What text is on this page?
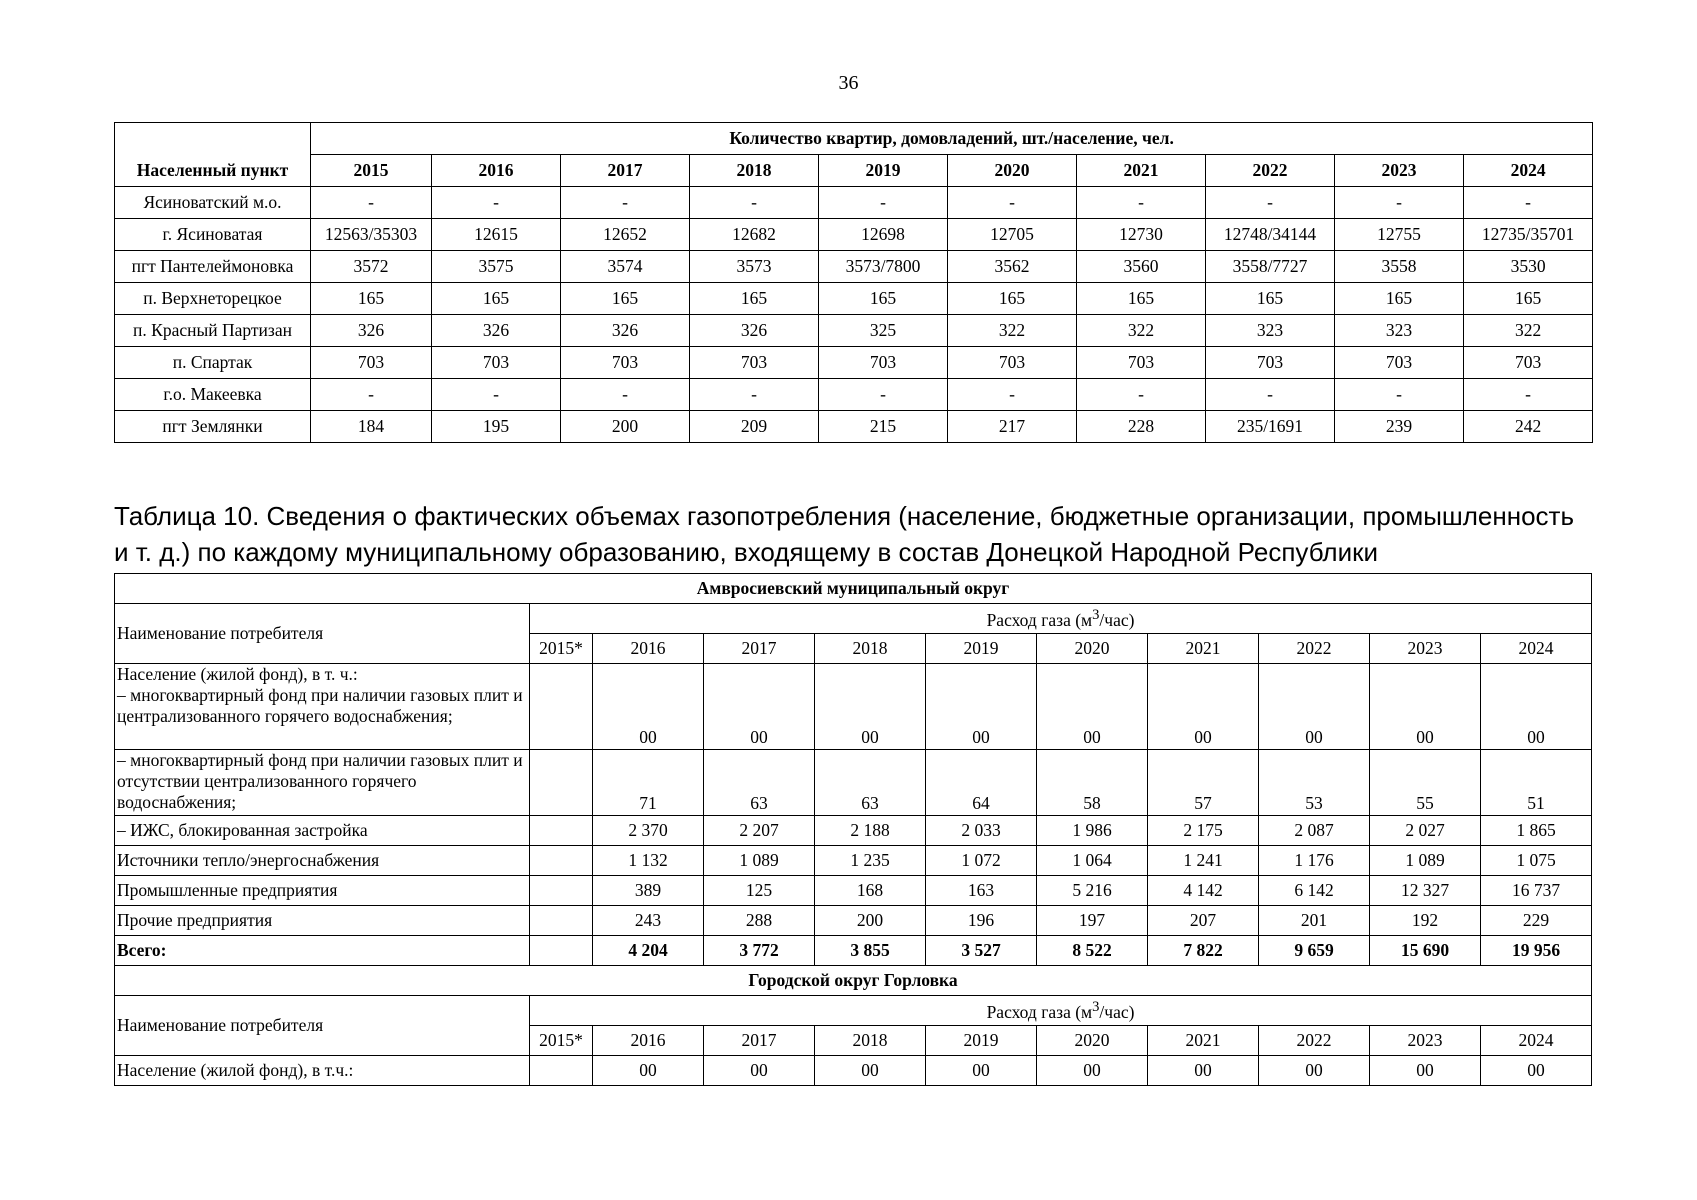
36
	Количество квартир, домовладений, шт./население, чел.									
Населенный пункт	2015	2016	2017	2018	2019	2020	2021	2022	2023	2024
Ясиноватский м.о.	-	-	-	-	-	-	-	-	-	-
г. Ясиноватая	12563/35303	12615	12652	12682	12698	12705	12730	12748/34144	12755	12735/35701
пгт Пантелеймоновка	3572	3575	3574	3573	3573/7800	3562	3560	3558/7727	3558	3530
п. Верхнеторецкое	165	165	165	165	165	165	165	165	165	165
п. Красный Партизан	326	326	326	326	325	322	322	323	323	322
п. Спартак	703	703	703	703	703	703	703	703	703	703
г.о. Макеевка	-	-	-	-	-	-	-	-	-	-
пгт Землянки	184	195	200	209	215	217	228	235/1691	239	242
Таблица 10. Сведения о фактических объемах газопотребления (население, бюджетные организации, промышленность и т. д.) по каждому муниципальному образованию, входящему в состав Донецкой Народной Республики
Амвросиевский муниципальный округ										
Наименование потребителя	Расход газа $(м^3/час)$									
	2015*	2016	2017	2018	2019	2020	2021	2022	2023	2024
Население (жилой фонд), в т. ч.:
– многоквартирный фонд при наличии газовых плит и централизованного горячего водоснабжения;		00	00	00	00	00	00	00	00	00
– многоквартирный фонд при наличии газовых плит и отсутствии централизованного горячего водоснабжения;		71	63	63	64	58	57	53	55	51
– ИЖС, блокированная застройка		2 370	2 207	2 188	2 033	1 986	2 175	2 087	2 027	1 865
Источники тепло/энергоснабжения		1 132	1 089	1 235	1 072	1 064	1 241	1 176	1 089	1 075
Промышленные предприятия		389	125	168	163	5 216	4 142	6 142	12 327	16 737
Прочие предприятия		243	288	200	196	197	207	201	192	229
Всего:		4 204	3 772	3 855	3 527	8 522	7 822	9 659	15 690	19 956
Городской округ Горловка										
Наименование потребителя	Расход газа $(м^3/час)$									
	2015*	2016	2017	2018	2019	2020	2021	2022	2023	2024
Население (жилой фонд), в т.ч.:		00	00	00	00	00	00	00	00	00
